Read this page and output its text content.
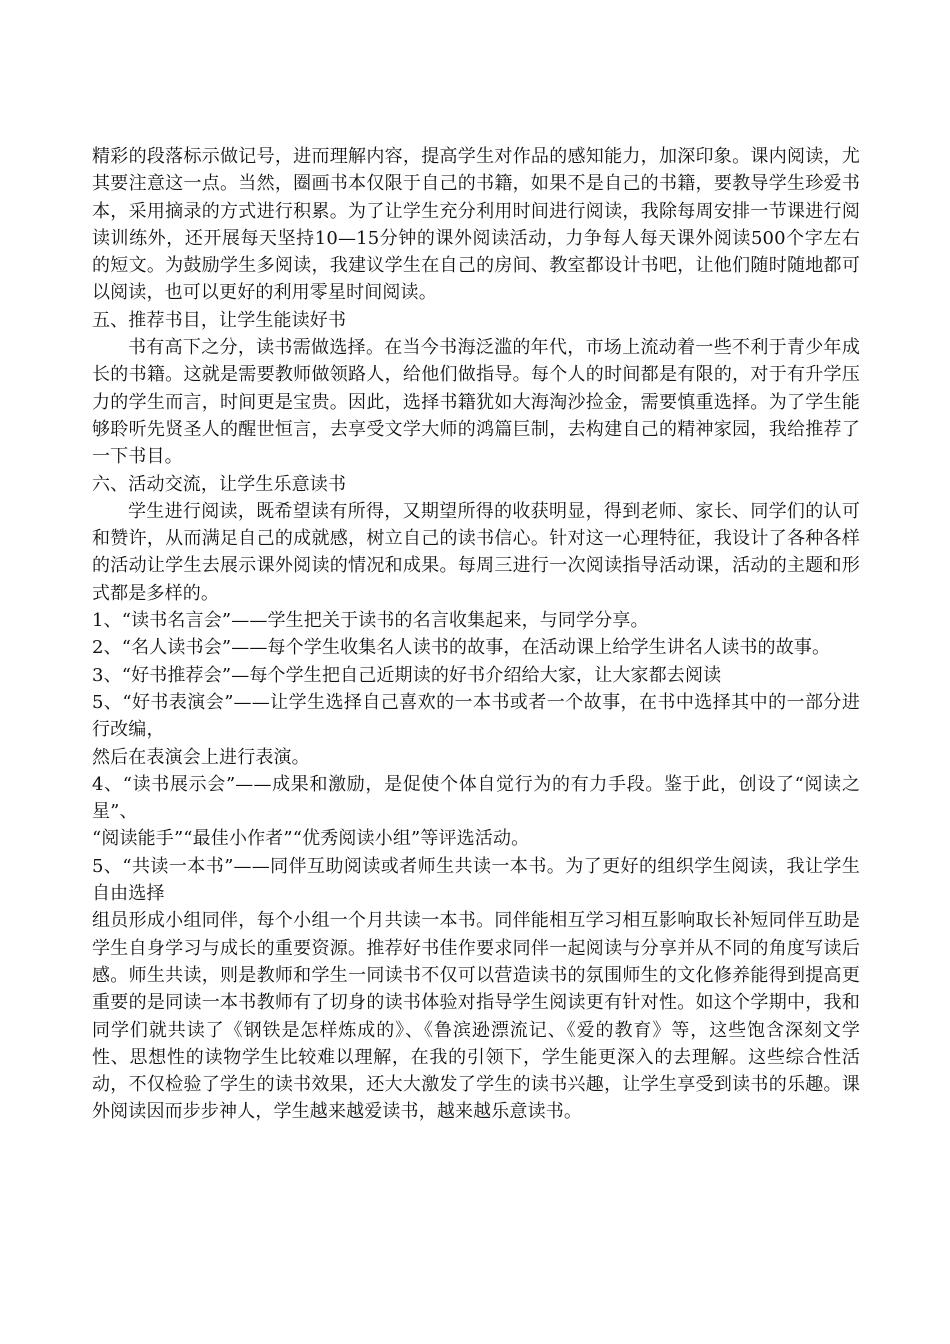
精彩的段落标示做记号，进而理解内容，提高学生对作品的感知能力，加深印象。课内阅读，尤其要注意这一点。当然，圈画书本仅限于自己的书籍，如果不是自己的书籍，要教导学生珍爱书本，采用摘录的方式进行积累。为了让学生充分利用时间进行阅读，我除每周安排一节课进行阅读训练外，还开展每天坚持10—15分钟的课外阅读活动，力争每人每天课外阅读500个字左右的短文。为鼓励学生多阅读，我建议学生在自己的房间、教室都设计书吧，让他们随时随地都可以阅读，也可以更好的利用零星时间阅读。

五、推荐书目，让学生能读好书

书有高下之分，读书需做选择。在当今书海泛滥的年代，市场上流动着一些不利于青少年成长的书籍。这就是需要教师做领路人，给他们做指导。每个人的时间都是有限的，对于有升学压力的学生而言，时间更是宝贵。因此，选择书籍犹如大海淘沙捡金，需要慎重选择。为了学生能够聆听先贤圣人的醒世恒言，去享受文学大师的鸿篇巨制，去构建自己的精神家园，我给推荐了一下书目。

六、活动交流，让学生乐意读书

学生进行阅读，既希望读有所得，又期望所得的收获明显，得到老师、家长、同学们的认可和赞许，从而满足自己的成就感，树立自己的读书信心。针对这一心理特征，我设计了各种各样的活动让学生去展示课外阅读的情况和成果。每周三进行一次阅读指导活动课，活动的主题和形式都是多样的。

1、“读书名言会”——学生把关于读书的名言收集起来，与同学分享。

2、“名人读书会”——每个学生收集名人读书的故事，在活动课上给学生讲名人读书的故事。

3、“好书推荐会”—每个学生把自己近期读的好书介绍给大家，让大家都去阅读

5、“好书表演会”——让学生选择自己喜欢的一本书或者一个故事，在书中选择其中的一部分进行改编，

然后在表演会上进行表演。

4、“读书展示会”——成果和激励，是促使个体自觉行为的有力手段。鉴于此，创设了“阅读之星”、

“阅读能手”“最佳小作者”“优秀阅读小组”等评选活动。

5、“共读一本书”——同伴互助阅读或者师生共读一本书。为了更好的组织学生阅读，我让学生自由选择

组员形成小组同伴，每个小组一个月共读一本书。同伴能相互学习相互影响取长补短同伴互助是学生自身学习与成长的重要资源。推荐好书佳作要求同伴一起阅读与分享并从不同的角度写读后感。师生共读，则是教师和学生一同读书不仅可以营造读书的氛围师生的文化修养能得到提高更重要的是同读一本书教师有了切身的读书体验对指导学生阅读更有针对性。如这个学期中，我和同学们就共读了《钢铁是怎样炼成的》、《鲁滨逊漂流记、《爱的教育》等，这些饱含深刻文学性、思想性的读物学生比较难以理解，在我的引领下，学生能更深入的去理解。这些综合性活动，不仅检验了学生的读书效果，还大大激发了学生的读书兴趣，让学生享受到读书的乐趣。课外阅读因而步步神人，学生越来越爱读书，越来越乐意读书。
